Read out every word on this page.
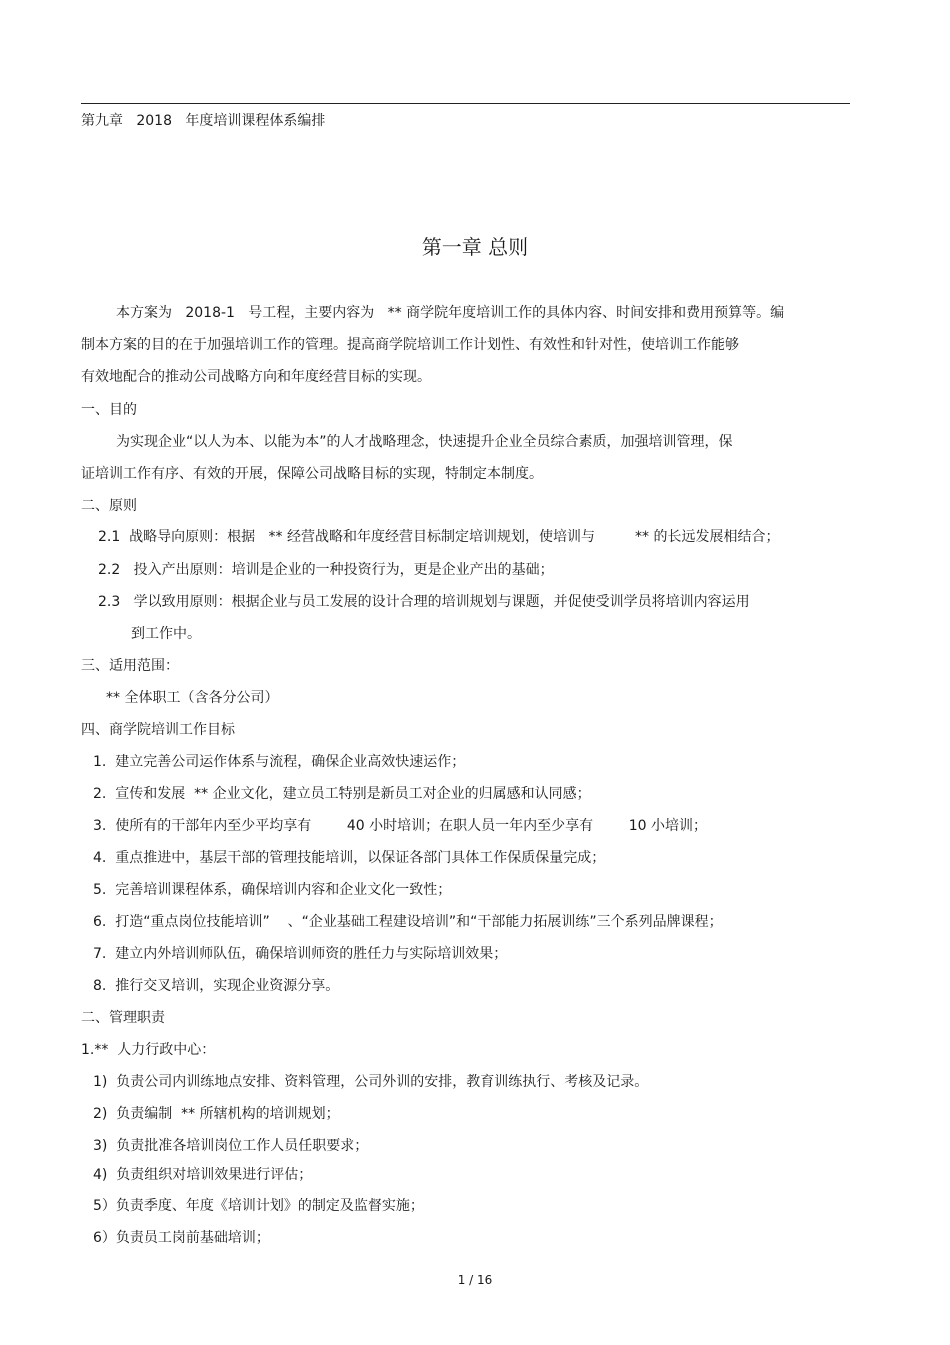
第九章   2018   年度培训课程体系编排
第一章 总则
本方案为   2018-1   号工程，主要内容为   ** 商学院年度培训工作的具体内容、时间安排和费用预算等。编
制本方案的目的在于加强培训工作的管理。提高商学院培训工作计划性、有效性和针对性，使培训工作能够
有效地配合的推动公司战略方向和年度经营目标的实现。
一、目的
为实现企业“以人为本、以能为本”的人才战略理念，快速提升企业全员综合素质，加强培训管理，保
证培训工作有序、有效的开展，保障公司战略目标的实现，特制定本制度。
二、原则
2.1  战略导向原则：根据   ** 经营战略和年度经营目标制定培训规划，使培训与         ** 的长远发展相结合；
2.2   投入产出原则：培训是企业的一种投资行为，更是企业产出的基础；
2.3   学以致用原则：根据企业与员工发展的设计合理的培训规划与课题，并促使受训学员将培训内容运用
到工作中。
三、适用范围：
** 全体职工（含各分公司）
四、商学院培训工作目标
1.  建立完善公司运作体系与流程，确保企业高效快速运作；
2.  宣传和发展  ** 企业文化，建立员工特别是新员工对企业的归属感和认同感；
3.  使所有的干部年内至少平均享有        40 小时培训；在职人员一年内至少享有        10 小培训；
4.  重点推进中，基层干部的管理技能培训，以保证各部门具体工作保质保量完成；
5.  完善培训课程体系，确保培训内容和企业文化一致性；
6.  打造“重点岗位技能培训”    、“企业基础工程建设培训”和“干部能力拓展训练”三个系列品牌课程；
7.  建立内外培训师队伍，确保培训师资的胜任力与实际培训效果；
8.  推行交叉培训，实现企业资源分享。
二、管理职责
1.**  人力行政中心：
1)  负责公司内训练地点安排、资料管理，公司外训的安排，教育训练执行、考核及记录。
2)  负责编制  ** 所辖机构的培训规划；
3)  负责批准各培训岗位工作人员任职要求；
4)  负责组织对培训效果进行评估；
5）负责季度、年度《培训计划》的制定及监督实施；
6）负责员工岗前基础培训；
1 / 16
